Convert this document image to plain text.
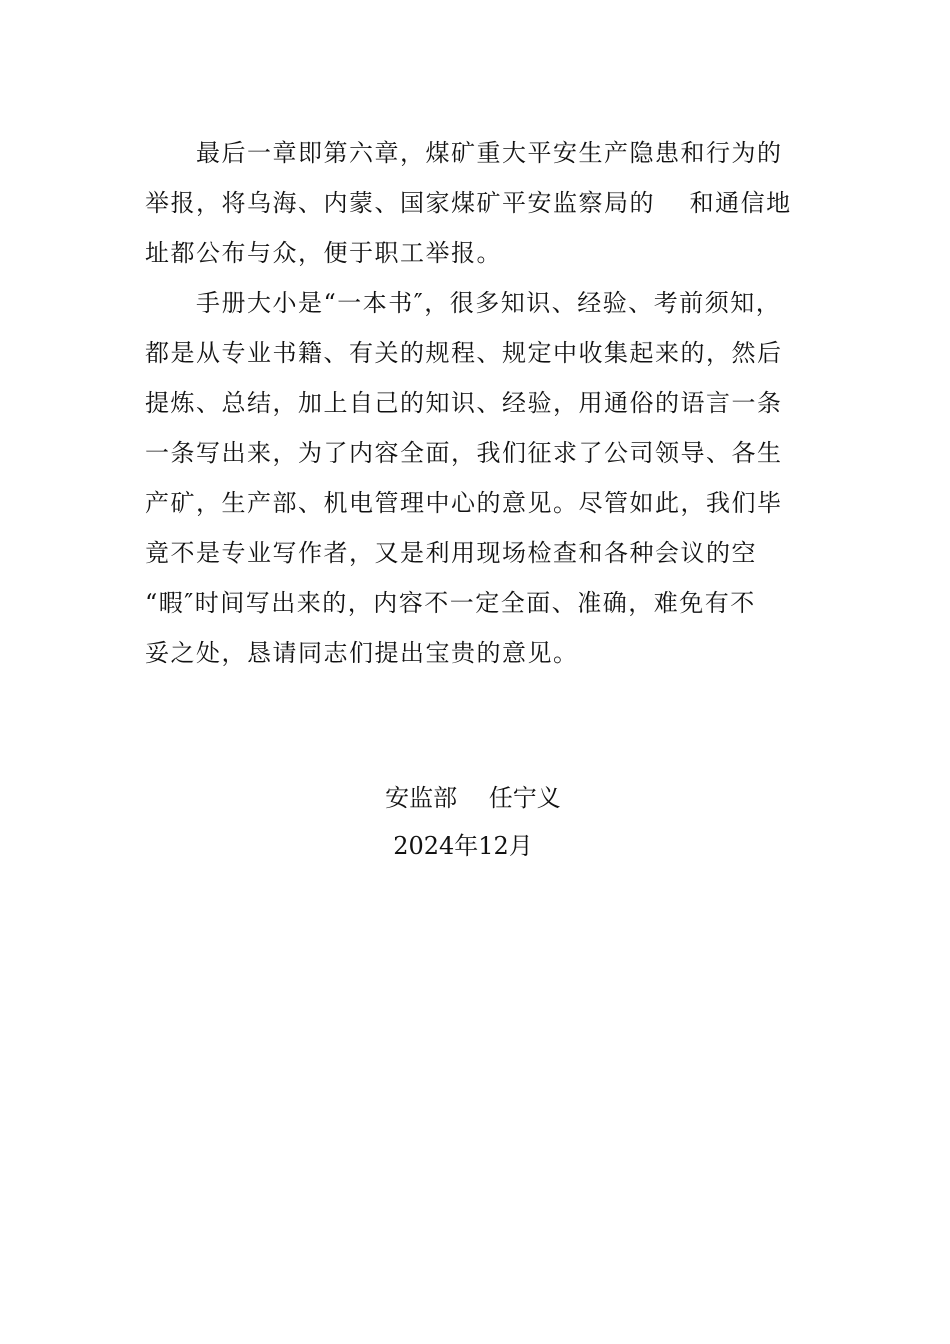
最后一章即第六章，煤矿重大平安生产隐患和行为的
举报，将乌海、内蒙、国家煤矿平安监察局的　 和通信地
址都公布与众，便于职工举报。
手册大小是“一本书″，很多知识、经验、考前须知，
都是从专业书籍、有关的规程、规定中收集起来的，然后
提炼、总结，加上自己的知识、经验，用通俗的语言一条
一条写出来，为了内容全面，我们征求了公司领导、各生
产矿，生产部、机电管理中心的意见。尽管如此，我们毕
竟不是专业写作者，又是利用现场检查和各种会议的空
“暇″时间写出来的，内容不一定全面、准确，难免有不
妥之处，恳请同志们提出宝贵的意见。
安监部　 任宁义
2024年12月
